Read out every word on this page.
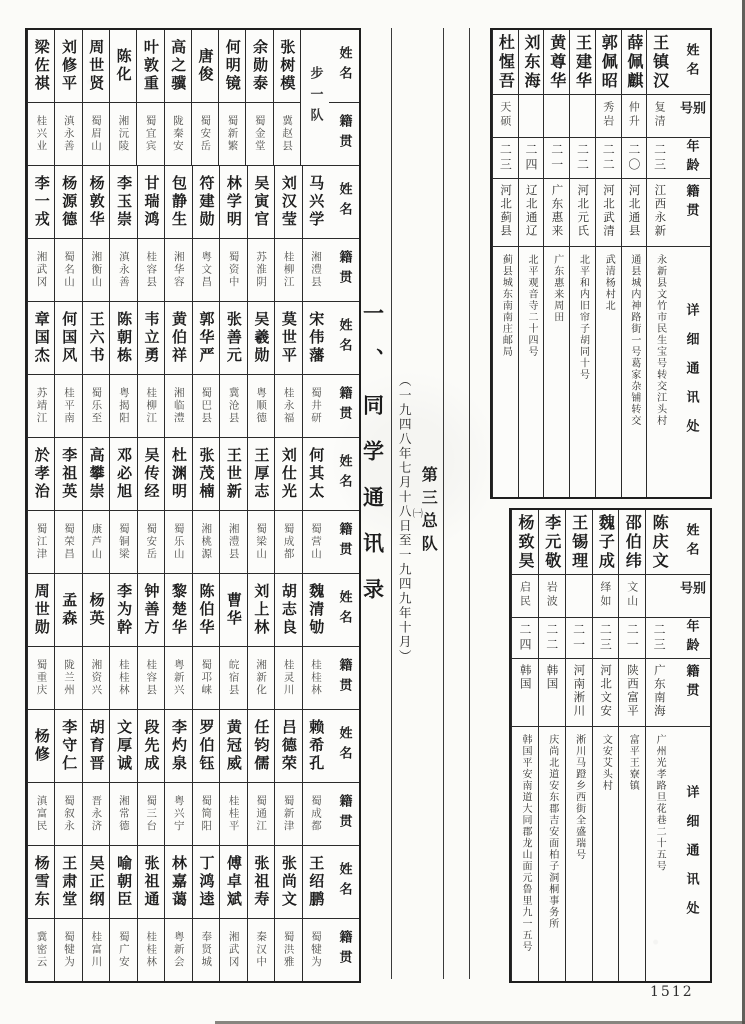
姓名
籍贯
步一队
张树模
冀赵县
余勋泰
蜀金堂
何明镜
蜀新繁
唐俊
蜀安岳
高之骥
陇秦安
叶敦重
蜀宜宾
陈化
湘沅陵
周世贤
蜀眉山
刘修平
滇永善
梁佐祺
桂兴业
姓名
籍贯
马兴学
湘澧县
刘汉莹
桂柳江
吴寅官
苏淮阴
林学明
蜀资中
符建勋
粤文昌
包静生
湘华容
甘瑞鸿
桂容县
李玉崇
滇永善
杨敦华
湘衡山
杨源德
蜀名山
李一戎
湘武冈
姓名
籍贯
宋伟藩
蜀井研
莫世平
桂永福
吴羲勋
粤顺德
张善元
冀沧县
郭华严
蜀巴县
黄伯祥
湘临澧
韦立勇
桂柳江
陈朝栋
粤揭阳
王六书
蜀乐至
何国风
桂平南
章国杰
苏靖江
姓名
籍贯
何其太
蜀营山
刘仕光
蜀成都
王厚志
蜀梁山
王世新
湘澧县
张茂楠
湘桃源
杜渊明
蜀乐山
吴传经
蜀安岳
邓必旭
蜀铜梁
高攀崇
康芦山
李祖英
蜀荣昌
於孝治
蜀江津
姓名
籍贯
魏清劬
桂桂林
胡志良
桂灵川
刘上林
湘新化
曹华
皖宿县
陈伯华
蜀邛崃
黎楚华
粤新兴
钟善方
桂容县
李为幹
桂桂林
杨英
湘资兴
孟森
陇兰州
周世勋
蜀重庆
姓名
籍贯
赖希孔
蜀成都
吕德荣
蜀新津
任钧儒
蜀通江
黄冠威
桂桂平
罗伯钰
蜀简阳
李灼泉
粤兴宁
段先成
蜀三台
文厚诚
湘常德
胡育晋
晋永济
李守仁
蜀叙永
杨修
滇富民
姓名
籍贯
王绍鹏
蜀犍为
张尚文
蜀洪雅
张祖寿
秦汉中
傅卓斌
湘武冈
丁鸿逵
奉贤城
林嘉蔼
粤新会
张祖通
桂桂林
喻朝臣
蜀广安
吴正纲
桂富川
王肃堂
蜀犍为
杨雪东
冀密云
一、同学通讯录 第三总队
㈠
（一九四八年七月十八日至一九四九年十月）
姓名
别号
年龄
籍贯
详细通讯处
王镇汉
复清
二三
江西永新
永新县文竹市民生宝号转交江头村
薛佩麒
仲升
二〇
河北通县
通县城内神路街一号葛家杂铺转交
郭佩昭
秀岩
二二
河北武清
武清杨村北
王建华
二二
河北元氏
北平和内旧帘子胡同十号
黄尊华
二一
广东惠来
广东惠来周田
刘东海
二四
辽北通辽
北平观音寺二十四号
杜惺吾
天硕
二三
河北蓟县
蓟县城东南南庄邮局
姓名
别号
年龄
籍贯
详细通讯处
陈庆文
二三
广东南海
广州光孝路旦花巷二十五号
邵伯纬
文山
二一
陕西富平
富平王寮镇
魏子成
绎如
二三
河北文安
文安艾头村
王锡理
二一
河南淅川
淅川马蹬乡西街全盛瑞号
李元敬
岩波
二二
韩国
庆尚北道安东郡吉安面柏子洞桐事务所
杨致昊
启民
二四
韩国
韩国平安南道大同郡龙山面元鲁里九一五号
1512
